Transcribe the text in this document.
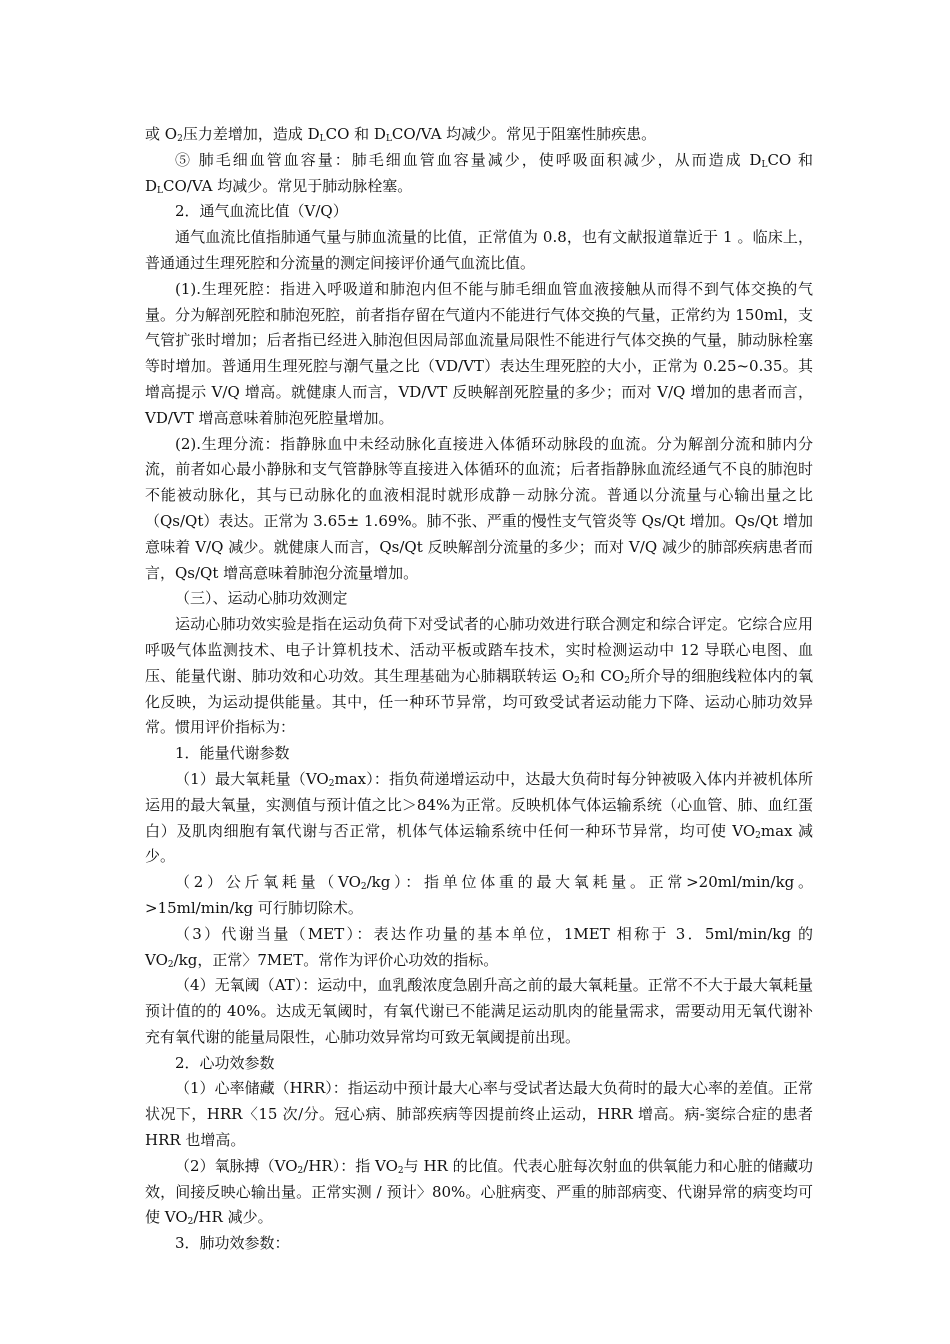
或 $O_2$压力差增加，造成 $D_LCO$ 和 $D_LCO/VA$ 均减少。常见于阻塞性肺疾患。

⑤ 肺毛细血管血容量：肺毛细血管血容量减少，使呼吸面积减少，从而造成 $D_LCO$ 和 $D_LCO/VA$ 均减少。常见于肺动脉栓塞。

2．通气血流比值（V/Q）

通气血流比值指肺通气量与肺血流量的比值，正常值为 0.8，也有文献报道靠近于 1 。临床上，普通通过生理死腔和分流量的测定间接评价通气血流比值。

(1).生理死腔：指进入呼吸道和肺泡内但不能与肺毛细血管血液接触从而得不到气体交换的气量。分为解剖死腔和肺泡死腔，前者指存留在气道内不能进行气体交换的气量，正常约为 150ml，支气管扩张时增加；后者指已经进入肺泡但因局部血流量局限性不能进行气体交换的气量，肺动脉栓塞等时增加。普通用生理死腔与潮气量之比（VD/VT）表达生理死腔的大小，正常为 0.25~0.35。其增高提示 V/Q 增高。就健康人而言，VD/VT 反映解剖死腔量的多少；而对 V/Q 增加的患者而言，VD/VT 增高意味着肺泡死腔量增加。

(2).生理分流：指静脉血中未经动脉化直接进入体循环动脉段的血流。分为解剖分流和肺内分流，前者如心最小静脉和支气管静脉等直接进入体循环的血流；后者指静脉血流经通气不良的肺泡时不能被动脉化，其与已动脉化的血液相混时就形成静－动脉分流。普通以分流量与心输出量之比（Qs/Qt）表达。正常为 3.65± 1.69%。肺不张、严重的慢性支气管炎等 Qs/Qt 增加。Qs/Qt 增加意味着 V/Q 减少。就健康人而言，Qs/Qt 反映解剖分流量的多少；而对 V/Q 减少的肺部疾病患者而言，Qs/Qt 增高意味着肺泡分流量增加。

（三）、运动心肺功效测定

运动心肺功效实验是指在运动负荷下对受试者的心肺功效进行联合测定和综合评定。它综合应用呼吸气体监测技术、电子计算机技术、活动平板或踏车技术，实时检测运动中 12 导联心电图、血压、能量代谢、肺功效和心功效。其生理基础为心肺耦联转运 $O_2$和 $CO_2$所介导的细胞线粒体内的氧化反映，为运动提供能量。其中，任一种环节异常，均可致受试者运动能力下降、运动心肺功效异常。惯用评价指标为：

1．能量代谢参数

（1）最大氧耗量$(VO_2\max)$：指负荷递增运动中，达最大负荷时每分钟被吸入体内并被机体所运用的最大氧量，实测值与预计值之比＞84%为正常。反映机体气体运输系统（心血管、肺、血红蛋白）及肌肉细胞有氧代谢与否正常，机体气体运输系统中任何一种环节异常，均可使 $VO_2\max$ 减少。

（2）公斤氧耗量$(VO_2/kg)$：指单位体重的最大氧耗量。正常>20ml/min/kg。>15ml/min/kg 可行肺切除术。

（3）代谢当量（MET）：表达作功量的基本单位，1MET 相称于 3．5ml/min/kg 的 $VO_2/kg$，正常〉7MET。常作为评价心功效的指标。

（4）无氧阈（AT）：运动中，血乳酸浓度急剧升高之前的最大氧耗量。正常不不大于最大氧耗量预计值的的 40%。达成无氧阈时，有氧代谢已不能满足运动肌肉的能量需求，需要动用无氧代谢补充有氧代谢的能量局限性，心肺功效异常均可致无氧阈提前出现。

2．心功效参数

（1）心率储藏（HRR）：指运动中预计最大心率与受试者达最大负荷时的最大心率的差值。正常状况下，HRR〈15 次/分。冠心病、肺部疾病等因提前终止运动，HRR 增高。病-窦综合症的患者 HRR 也增高。

（2）氧脉搏$(VO_2/HR)$：指 $VO_2$与 HR 的比值。代表心脏每次射血的供氧能力和心脏的储藏功效，间接反映心输出量。正常实测 / 预计〉80%。心脏病变、严重的肺部病变、代谢异常的病变均可使 $VO_2/HR$ 减少。

3．肺功效参数：
